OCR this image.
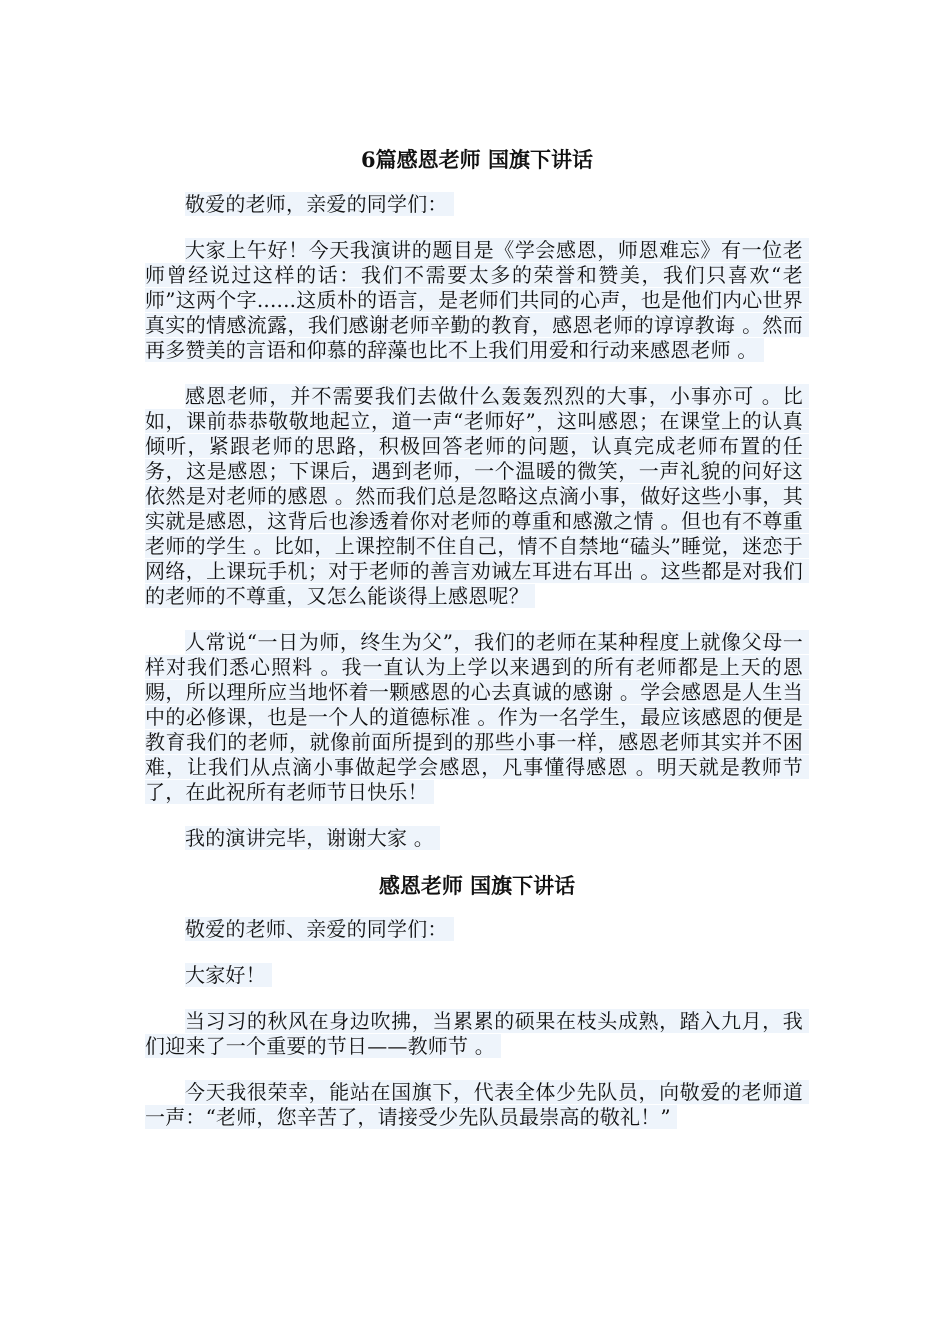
6篇感恩老师 国旗下讲话

敬爱的老师，亲爱的同学们：

大家上午好！今天我演讲的题目是《学会感恩，师恩难忘》有一位老师曾经说过这样的话：我们不需要太多的荣誉和赞美，我们只喜欢“老师”这两个字......这质朴的语言，是老师们共同的心声，也是他们内心世界真实的情感流露，我们感谢老师辛勤的教育，感恩老师的谆谆教诲 。然而再多赞美的言语和仰慕的辞藻也比不上我们用爱和行动来感恩老师 。

感恩老师，并不需要我们去做什么轰轰烈烈的大事，小事亦可 。比如，课前恭恭敬敬地起立，道一声“老师好”，这叫感恩；在课堂上的认真倾听，紧跟老师的思路，积极回答老师的问题，认真完成老师布置的任务，这是感恩；下课后，遇到老师，一个温暖的微笑，一声礼貌的问好这依然是对老师的感恩 。然而我们总是忽略这点滴小事，做好这些小事，其实就是感恩，这背后也渗透着你对老师的尊重和感激之情 。但也有不尊重老师的学生 。比如，上课控制不住自己，情不自禁地“磕头”睡觉，迷恋于网络，上课玩手机；对于老师的善言劝诫左耳进右耳出 。这些都是对我们的老师的不尊重，又怎么能谈得上感恩呢？

人常说“一日为师，终生为父”，我们的老师在某种程度上就像父母一样对我们悉心照料 。我一直认为上学以来遇到的所有老师都是上天的恩赐，所以理所应当地怀着一颗感恩的心去真诚的感谢 。学会感恩是人生当中的必修课，也是一个人的道德标准 。作为一名学生，最应该感恩的便是教育我们的老师，就像前面所提到的那些小事一样，感恩老师其实并不困难，让我们从点滴小事做起学会感恩，凡事懂得感恩 。明天就是教师节了，在此祝所有老师节日快乐！

我的演讲完毕，谢谢大家 。

感恩老师 国旗下讲话

敬爱的老师、亲爱的同学们：

大家好！

当习习的秋风在身边吹拂，当累累的硕果在枝头成熟，踏入九月，我们迎来了一个重要的节日——教师节 。

今天我很荣幸，能站在国旗下，代表全体少先队员，向敬爱的老师道一声：“老师，您辛苦了，请接受少先队员最崇高的敬礼！”
